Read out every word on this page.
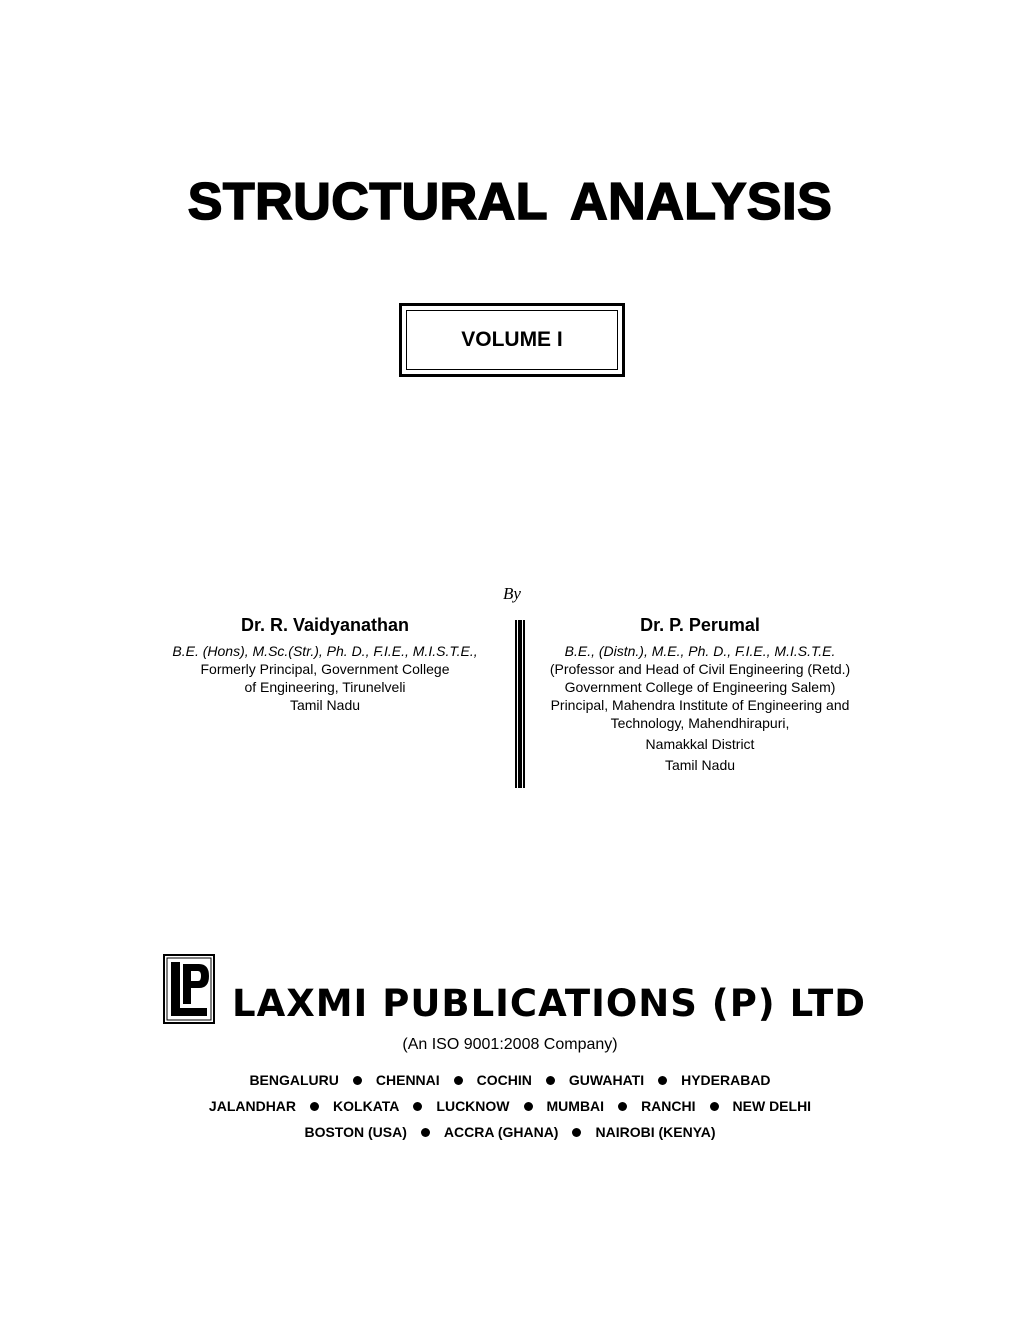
STRUCTURAL ANALYSIS
VOLUME I
By
Dr. R. Vaidyanathan
B.E. (Hons), M.Sc.(Str.), Ph. D., F.I.E., M.I.S.T.E.,
Formerly Principal, Government College
of Engineering, Tirunelveli
Tamil Nadu
Dr. P. Perumal
B.E., (Distn.), M.E., Ph. D., F.I.E., M.I.S.T.E.
(Professor and Head of Civil Engineering (Retd.)
Government College of Engineering Salem)
Principal, Mahendra Institute of Engineering and
Technology, Mahendhirapuri,
Namakkal District
Tamil Nadu
LAXMI PUBLICATIONS (P) LTD
(An ISO 9001:2008 Company)
BENGALURU	CHENNAI	COCHIN	GUWAHATI	HYDERABAD
JALANDHAR	KOLKATA	LUCKNOW	MUMBAI	RANCHI	NEW DELHI
BOSTON (USA)	ACCRA (GHANA)	NAIROBI (KENYA)
